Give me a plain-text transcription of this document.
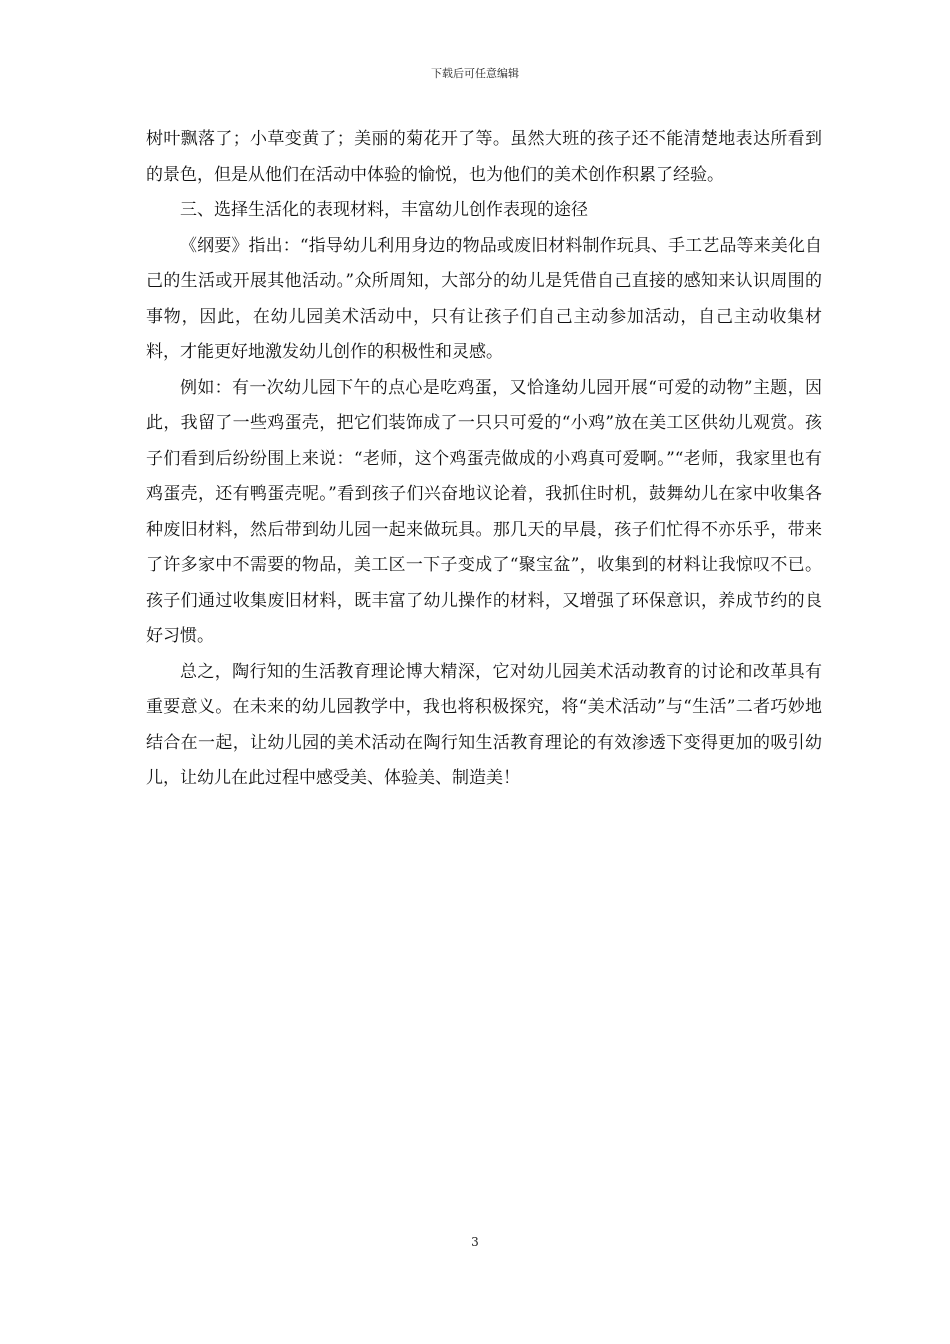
下载后可任意编辑

树叶飘落了；小草变黄了；美丽的菊花开了等。虽然大班的孩子还不能清楚地表达所看到的景色，但是从他们在活动中体验的愉悦，也为他们的美术创作积累了经验。

三、选择生活化的表现材料，丰富幼儿创作表现的途径

《纲要》指出：“指导幼儿利用身边的物品或废旧材料制作玩具、手工艺品等来美化自己的生活或开展其他活动。”众所周知，大部分的幼儿是凭借自己直接的感知来认识周围的事物，因此，在幼儿园美术活动中，只有让孩子们自己主动参加活动，自己主动收集材料，才能更好地激发幼儿创作的积极性和灵感。

例如：有一次幼儿园下午的点心是吃鸡蛋，又恰逢幼儿园开展“可爱的动物”主题，因此，我留了一些鸡蛋壳，把它们装饰成了一只只可爱的“小鸡”放在美工区供幼儿观赏。孩子们看到后纷纷围上来说：“老师，这个鸡蛋壳做成的小鸡真可爱啊。”“老师，我家里也有鸡蛋壳，还有鸭蛋壳呢。”看到孩子们兴奋地议论着，我抓住时机，鼓舞幼儿在家中收集各种废旧材料，然后带到幼儿园一起来做玩具。那几天的早晨，孩子们忙得不亦乐乎，带来了许多家中不需要的物品，美工区一下子变成了“聚宝盆”，收集到的材料让我惊叹不已。孩子们通过收集废旧材料，既丰富了幼儿操作的材料，又增强了环保意识，养成节约的良好习惯。

总之，陶行知的生活教育理论博大精深，它对幼儿园美术活动教育的讨论和改革具有重要意义。在未来的幼儿园教学中，我也将积极探究，将“美术活动”与“生活”二者巧妙地结合在一起，让幼儿园的美术活动在陶行知生活教育理论的有效渗透下变得更加的吸引幼儿，让幼儿在此过程中感受美、体验美、制造美！

3
